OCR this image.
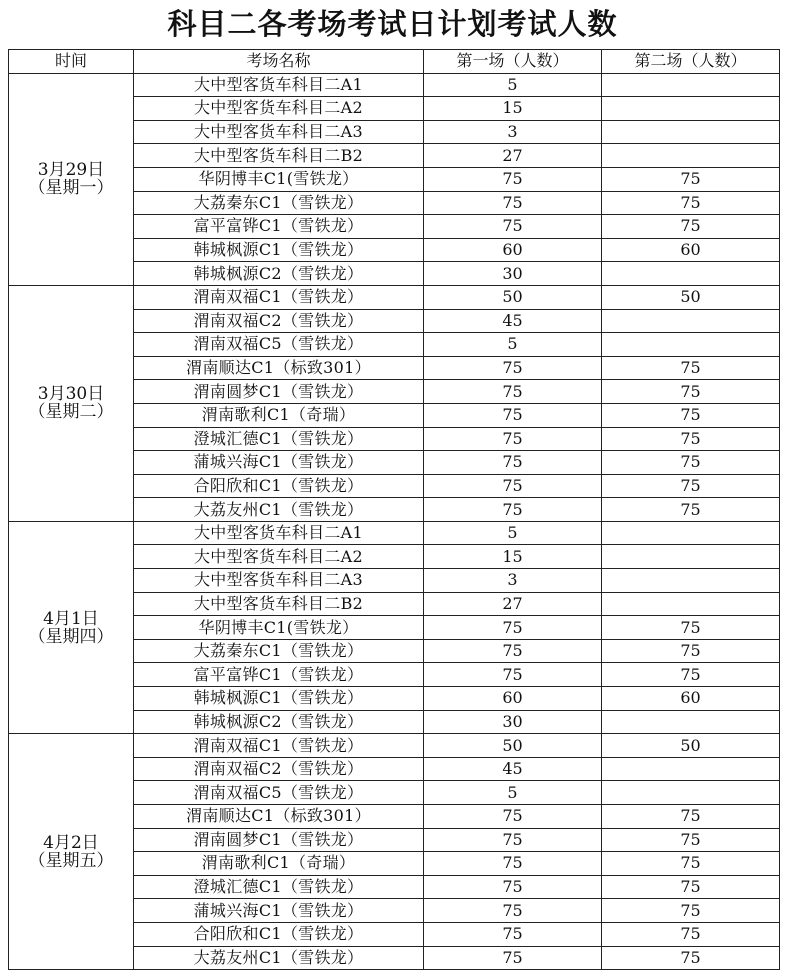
科目二各考场考试日计划考试人数
时间	考场名称	第一场（人数）	第二场（人数）

3月29日
（星期一）	大中型客货车科目二A1	5	
	大中型客货车科目二A2	15	
	大中型客货车科目二A3	3	
	大中型客货车科目二B2	27	
	华阴博丰C1(雪铁龙）	75	75
	大荔秦东C1（雪铁龙）	75	75
	富平富铧C1（雪铁龙）	75	75
	韩城枫源C1（雪铁龙）	60	60
	韩城枫源C2（雪铁龙）	30	

3月30日
（星期二）	渭南双福C1（雪铁龙）	50	50
	渭南双福C2（雪铁龙）	45	
	渭南双福C5（雪铁龙）	5	
	渭南顺达C1（标致301）	75	75
	渭南圆梦C1（雪铁龙）	75	75
	渭南歌利C1（奇瑞）	75	75
	澄城汇德C1（雪铁龙）	75	75
	蒲城兴海C1（雪铁龙）	75	75
	合阳欣和C1（雪铁龙）	75	75
	大荔友州C1（雪铁龙）	75	75

4月1日
（星期四）	大中型客货车科目二A1	5	
	大中型客货车科目二A2	15	
	大中型客货车科目二A3	3	
	大中型客货车科目二B2	27	
	华阴博丰C1(雪铁龙）	75	75
	大荔秦东C1（雪铁龙）	75	75
	富平富铧C1（雪铁龙）	75	75
	韩城枫源C1（雪铁龙）	60	60
	韩城枫源C2（雪铁龙）	30	

4月2日
（星期五）	渭南双福C1（雪铁龙）	50	50
	渭南双福C2（雪铁龙）	45	
	渭南双福C5（雪铁龙）	5	
	渭南顺达C1（标致301）	75	75
	渭南圆梦C1（雪铁龙）	75	75
	渭南歌利C1（奇瑞）	75	75
	澄城汇德C1（雪铁龙）	75	75
	蒲城兴海C1（雪铁龙）	75	75
	合阳欣和C1（雪铁龙）	75	75
	大荔友州C1（雪铁龙）	75	75
